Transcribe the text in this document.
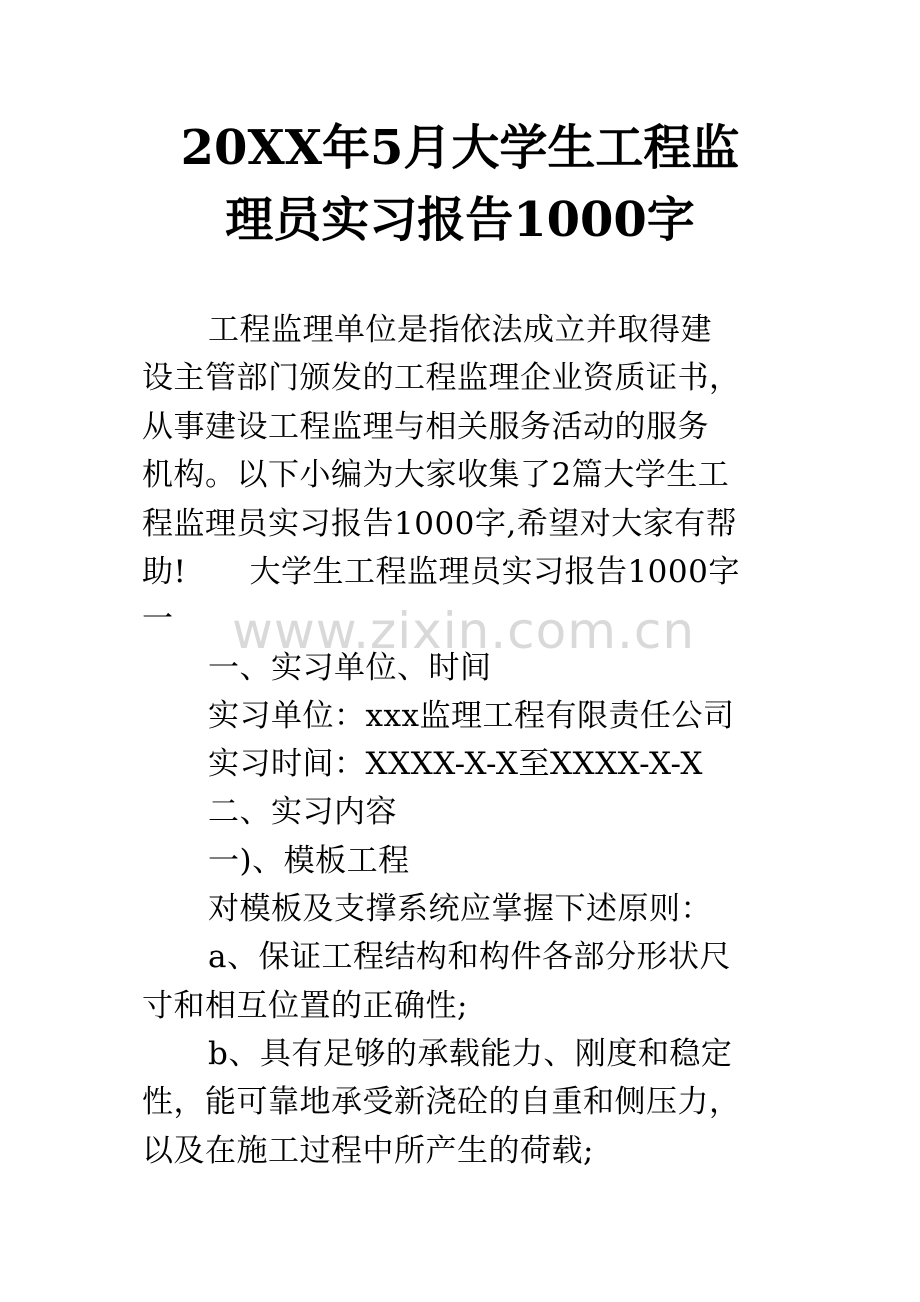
20XX年5月大学生工程监
理员实习报告1000字

工程监理单位是指依法成立并取得建

设主管部门颁发的工程监理企业资质证书，

从事建设工程监理与相关服务活动的服务

机构。以下小编为大家收集了2篇大学生工

程监理员实习报告1000字,希望对大家有帮

助!　　大学生工程监理员实习报告1000字

一	www.zixin.com.cn

一、实习单位、时间

实习单位：xxx监理工程有限责任公司

实习时间：XXXX-X-X至XXXX-X-X

二、实习内容

一)、模板工程

对模板及支撑系统应掌握下述原则：

a、保证工程结构和构件各部分形状尺

寸和相互位置的正确性;

b、具有足够的承载能力、刚度和稳定

性，能可靠地承受新浇砼的自重和侧压力，

以及在施工过程中所产生的荷载;
